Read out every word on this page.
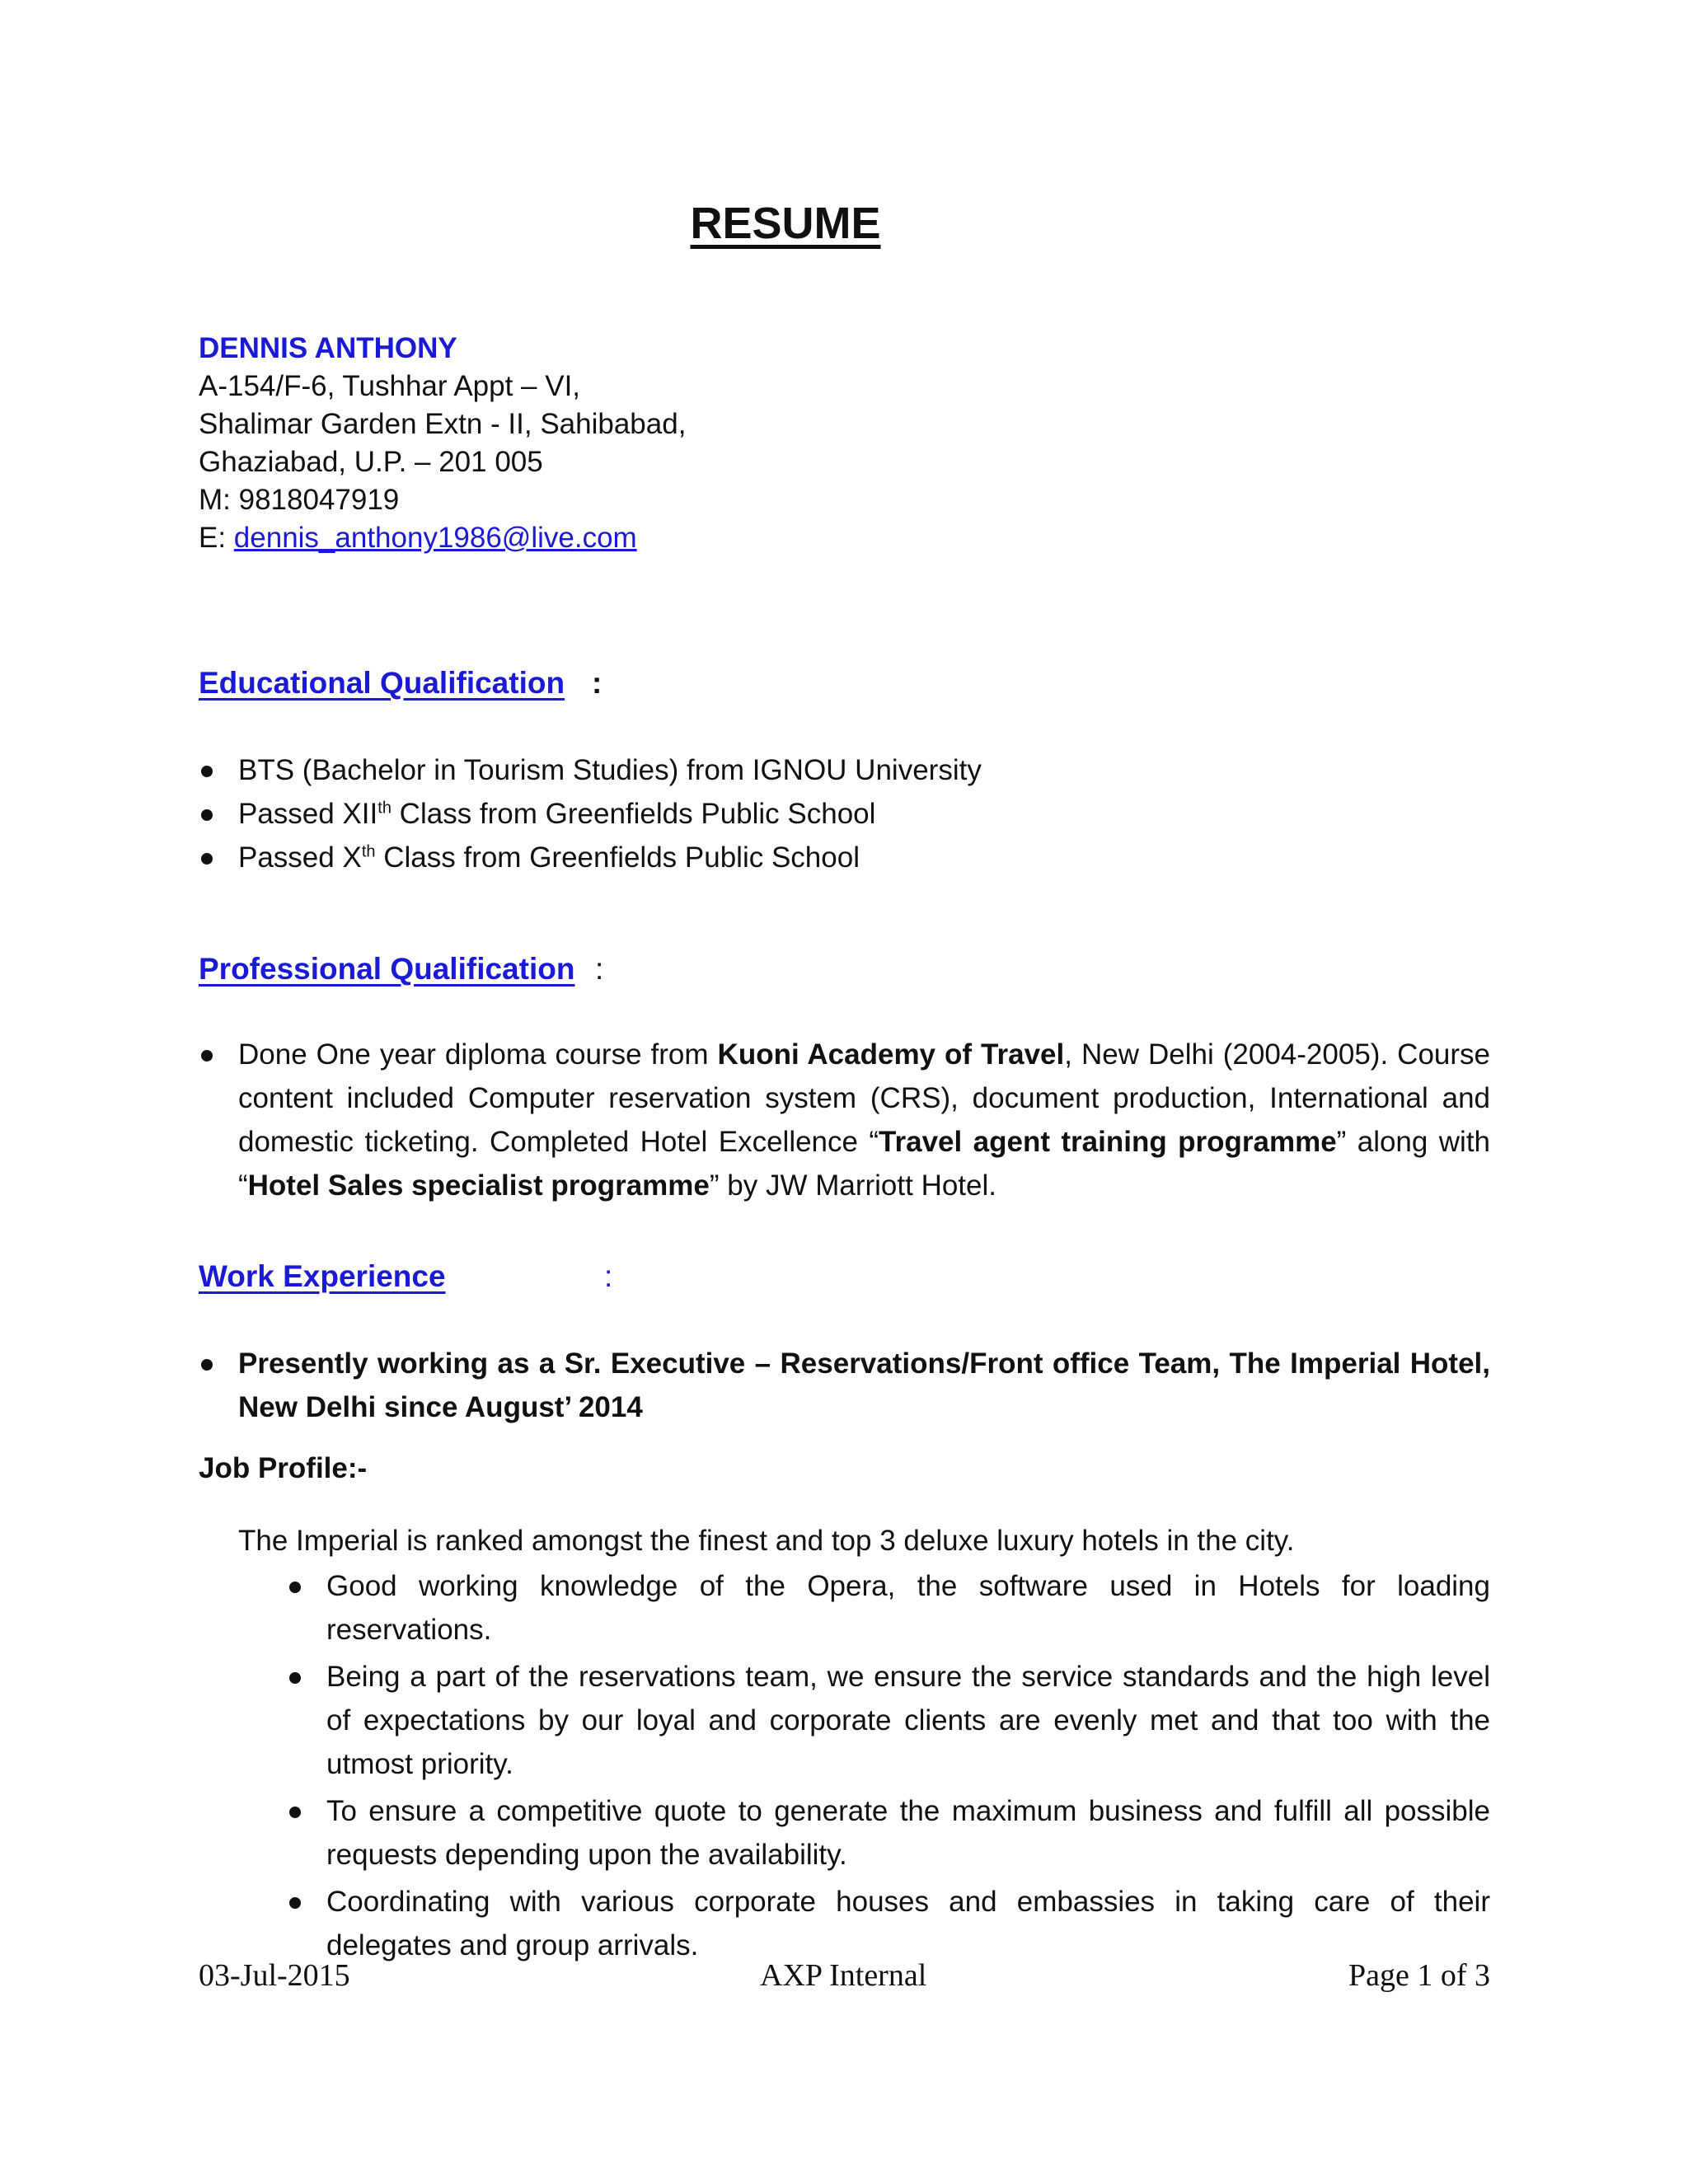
RESUME
DENNIS ANTHONY
A-154/F-6, Tushhar Appt – VI,
Shalimar Garden Extn - II, Sahibabad,
Ghaziabad, U.P. – 201 005
M: 9818047919
E: dennis_anthony1986@live.com
Educational Qualification :
BTS (Bachelor in Tourism Studies) from IGNOU University
Passed XIIth Class from Greenfields Public School
Passed Xth Class from Greenfields Public School
Professional Qualification :
Done One year diploma course from Kuoni Academy of Travel, New Delhi (2004-2005). Course content included Computer reservation system (CRS), document production, International and domestic ticketing. Completed Hotel Excellence “Travel agent training programme” along with “Hotel Sales specialist programme” by JW Marriott Hotel.
Work Experience	:
Presently working as a Sr. Executive – Reservations/Front office Team, The Imperial Hotel, New Delhi since August’ 2014
Job Profile:-
The Imperial is ranked amongst the finest and top 3 deluxe luxury hotels in the city.
Good working knowledge of the Opera, the software used in Hotels for loading reservations.
Being a part of the reservations team, we ensure the service standards and the high level of expectations by our loyal and corporate clients are evenly met and that too with the utmost priority.
To ensure a competitive quote to generate the maximum business and fulfill all possible requests depending upon the availability.
Coordinating with various corporate houses and embassies in taking care of their delegates and group arrivals.
03-Jul-2015	AXP Internal	Page 1 of 3
